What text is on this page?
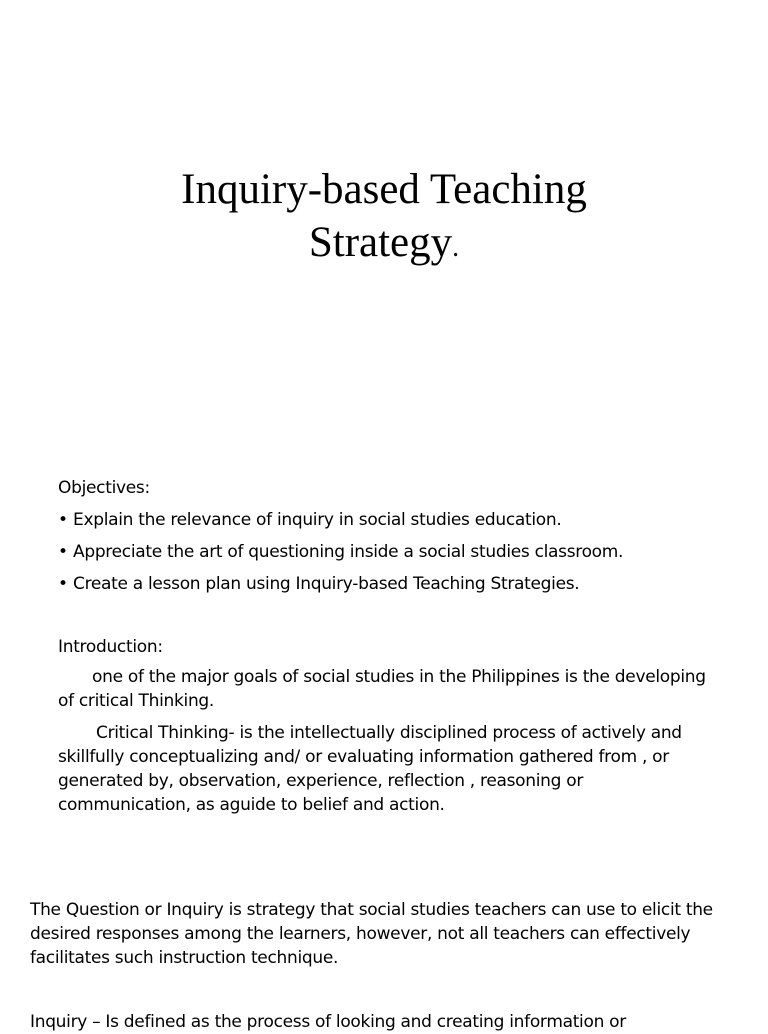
Inquiry-based Teaching
Strategy.

Objectives:

• Explain the relevance of inquiry in social studies education.
• Appreciate the art of questioning inside a social studies classroom.
• Create a lesson plan using Inquiry-based Teaching Strategies.

Introduction:

one of the major goals of social studies in the Philippines is the developing of critical Thinking.

Critical Thinking- is the intellectually disciplined process of actively and skillfully conceptualizing and/ or evaluating information gathered from , or generated by, observation, experience, reflection , reasoning or communication, as aguide to belief and action.

The Question or Inquiry is strategy that social studies teachers can use to elicit the desired responses among the learners, however, not all teachers can effectively facilitates such instruction technique.

Inquiry – Is defined as the process of looking and creating information or
